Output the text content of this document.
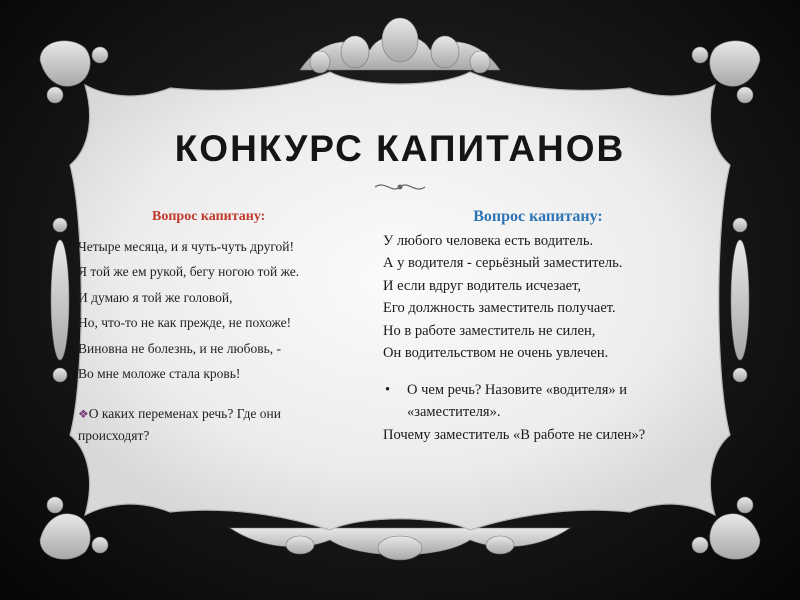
КОНКУРС КАПИТАНОВ
Вопрос капитану:
Четыре месяца, и я чуть-чуть другой!
Я той же ем рукой, бегу ногою той же.
И думаю я той же головой,
Но, что-то не как прежде, не похоже!
Виновна не болезнь, и не любовь, -
Во мне моложе стала кровь!
❖О каких переменах речь? Где они
происходят?
Вопрос капитану:
У любого человека есть водитель.
А у водителя - серьёзный заместитель.
И если вдруг водитель исчезает,
Его должность заместитель получает.
Но в работе заместитель не силен,
Он водительством не очень увлечен.
•	О чем речь? Назовите «водителя» и
«заместителя».
Почему заместитель «В работе не силен»?
